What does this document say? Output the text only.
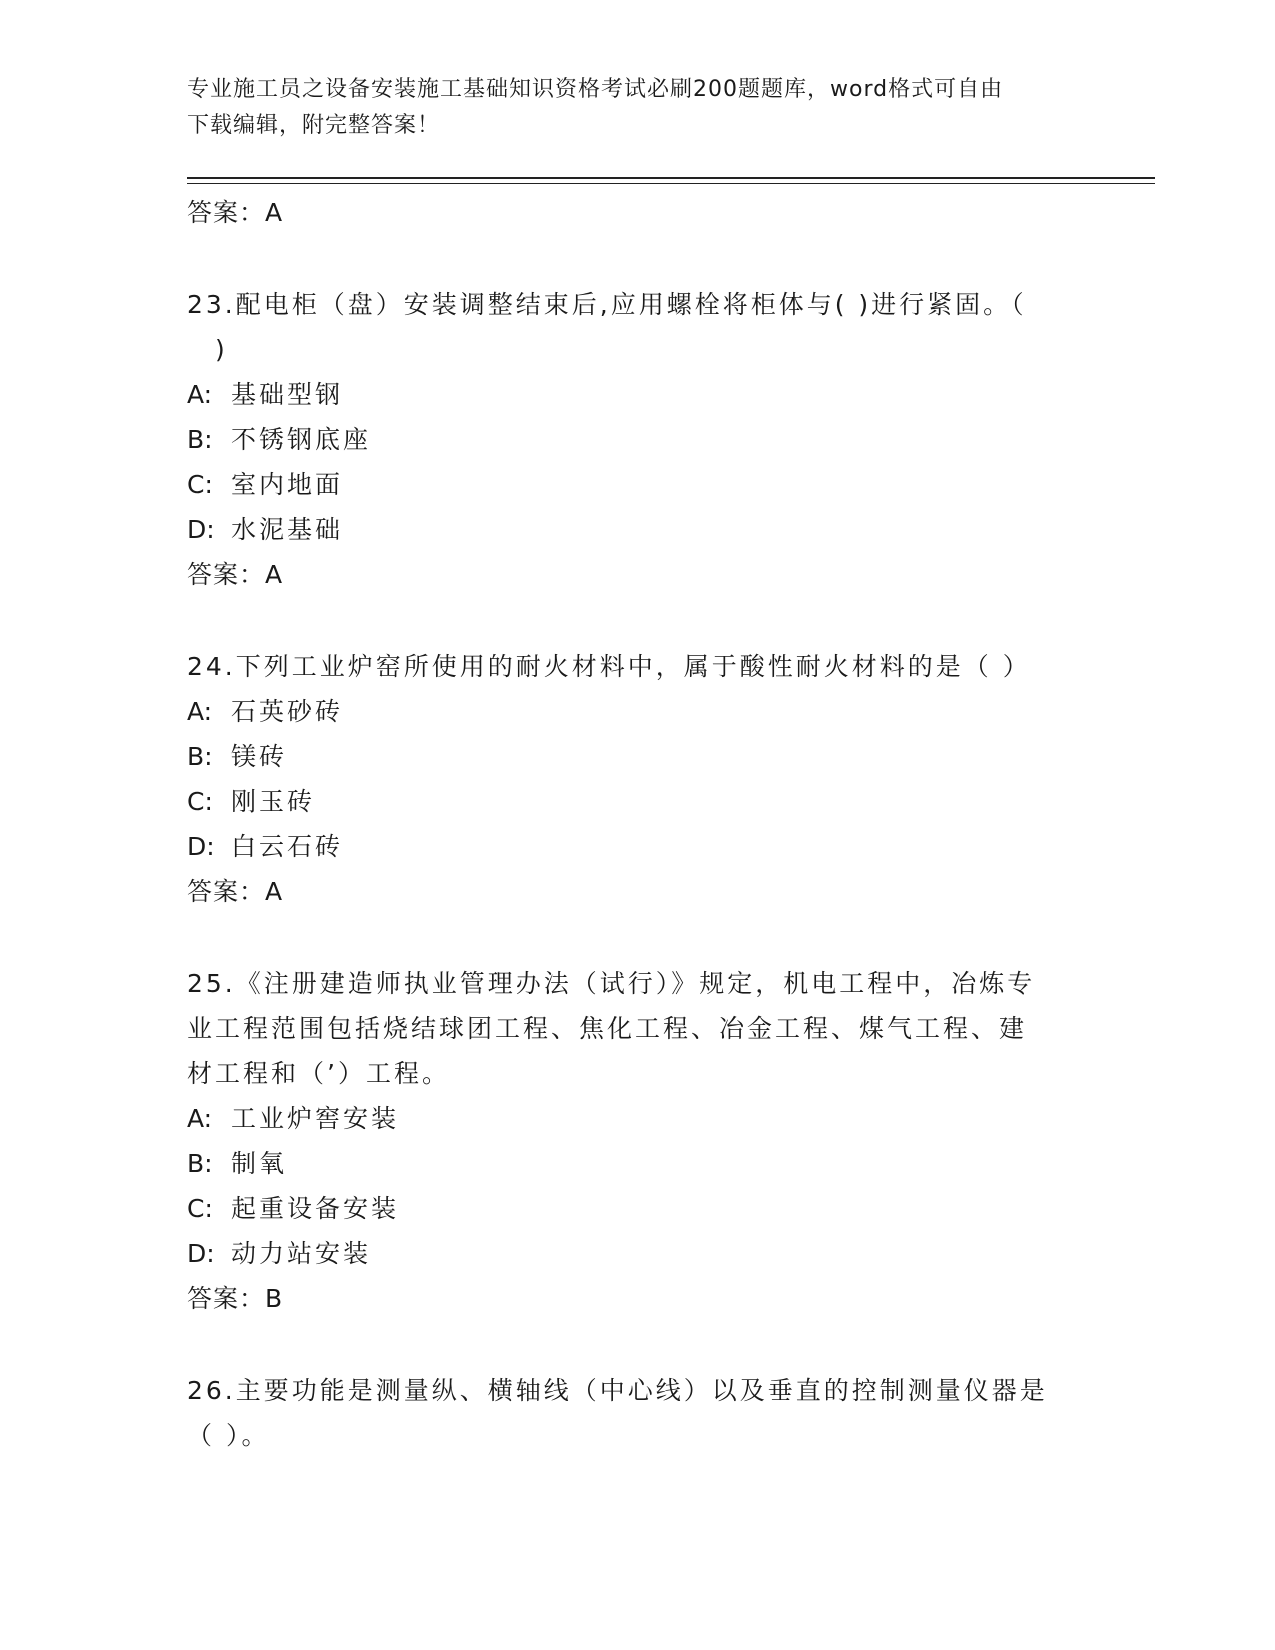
专业施工员之设备安装施工基础知识资格考试必刷200题题库，word格式可自由
下载编辑，附完整答案！
答案：A
23.配电柜（盘）安装调整结束后,应用螺栓将柜体与( )进行紧固。（
　)
A: 基础型钢
B: 不锈钢底座
C: 室内地面
D: 水泥基础
答案：A
24.下列工业炉窑所使用的耐火材料中，属于酸性耐火材料的是（ ）
A: 石英砂砖
B: 镁砖
C: 刚玉砖
D: 白云石砖
答案：A
25.《注册建造师执业管理办法（试行）》规定，机电工程中，冶炼专
业工程范围包括烧结球团工程、焦化工程、冶金工程、煤气工程、建
材工程和（’）工程。
A: 工业炉窖安装
B: 制氧
C: 起重设备安装
D: 动力站安装
答案：B
26.主要功能是测量纵、横轴线（中心线）以及垂直的控制测量仪器是
（ ）。
